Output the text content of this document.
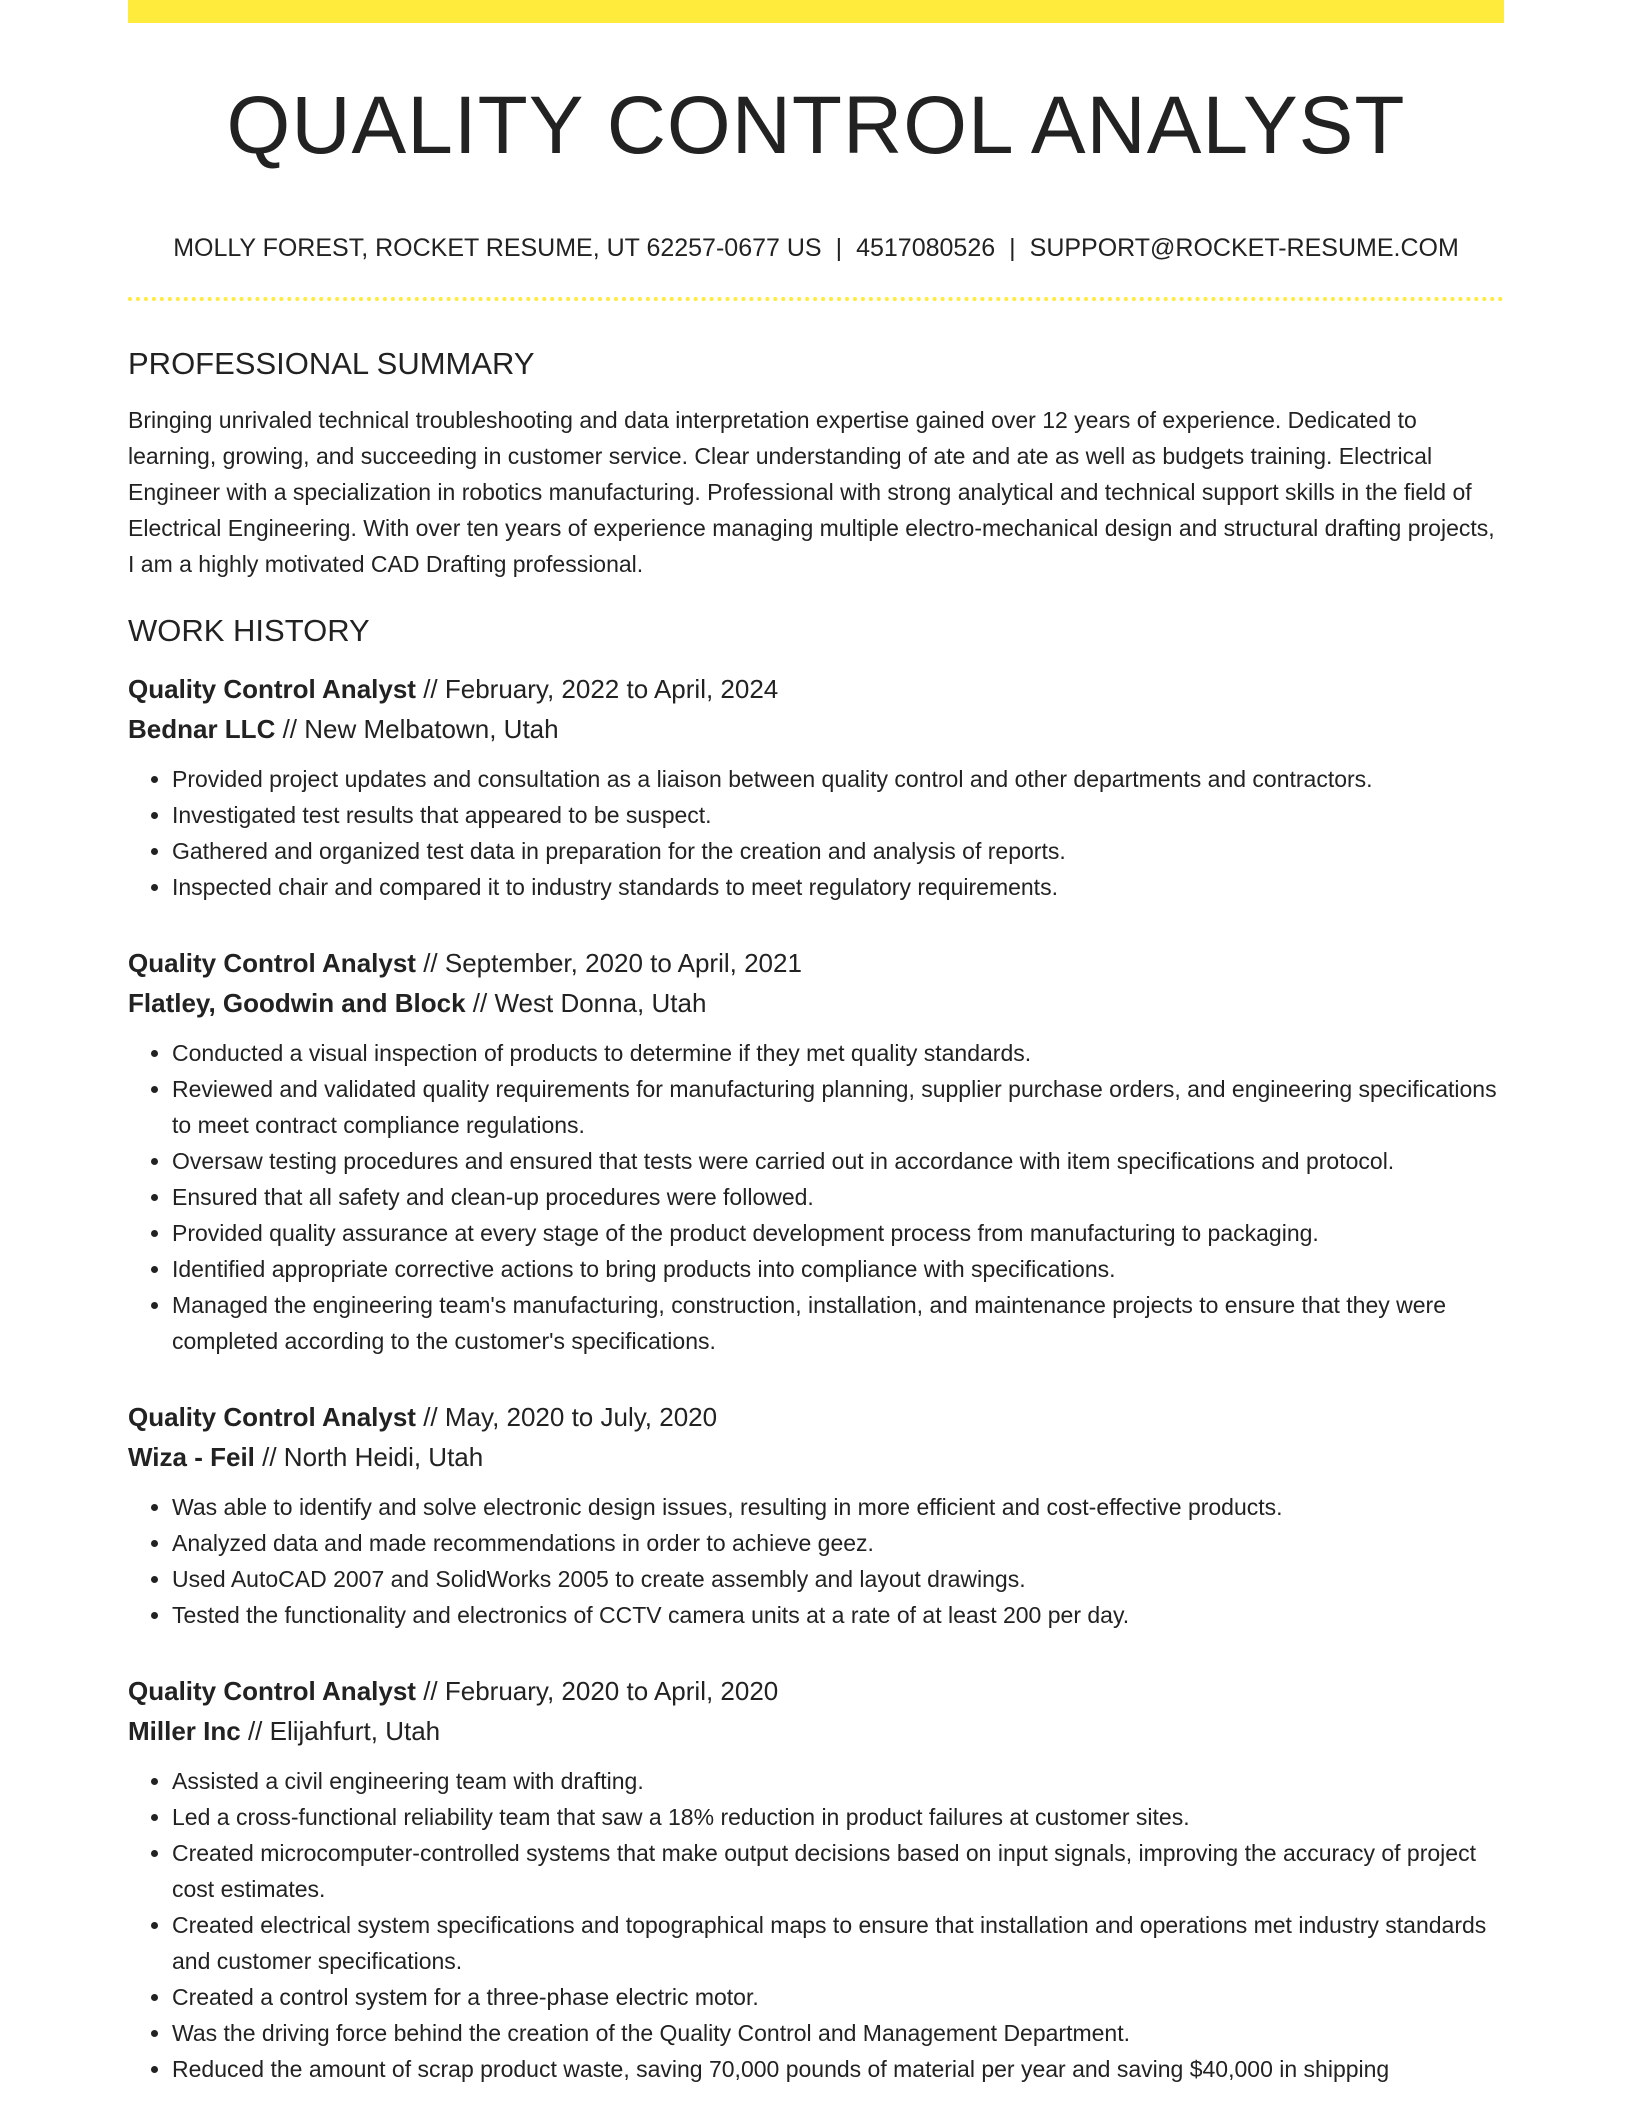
QUALITY CONTROL ANALYST
MOLLY FOREST, ROCKET RESUME, UT 62257-0677 US | 4517080526 | SUPPORT@ROCKET-RESUME.COM
PROFESSIONAL SUMMARY

Bringing unrivaled technical troubleshooting and data interpretation expertise gained over 12 years of experience. Dedicated to learning, growing, and succeeding in customer service. Clear understanding of ate and ate as well as budgets training. Electrical Engineer with a specialization in robotics manufacturing. Professional with strong analytical and technical support skills in the field of Electrical Engineering. With over ten years of experience managing multiple electro-mechanical design and structural drafting projects, I am a highly motivated CAD Drafting professional.

WORK HISTORY
Quality Control Analyst // February, 2022 to April, 2024
Bednar LLC // New Melbatown, Utah
• Provided project updates and consultation as a liaison between quality control and other departments and contractors.
• Investigated test results that appeared to be suspect.
• Gathered and organized test data in preparation for the creation and analysis of reports.
• Inspected chair and compared it to industry standards to meet regulatory requirements.
Quality Control Analyst // September, 2020 to April, 2021
Flatley, Goodwin and Block // West Donna, Utah
• Conducted a visual inspection of products to determine if they met quality standards.
• Reviewed and validated quality requirements for manufacturing planning, supplier purchase orders, and engineering specifications to meet contract compliance regulations.
• Oversaw testing procedures and ensured that tests were carried out in accordance with item specifications and protocol.
• Ensured that all safety and clean-up procedures were followed.
• Provided quality assurance at every stage of the product development process from manufacturing to packaging.
• Identified appropriate corrective actions to bring products into compliance with specifications.
• Managed the engineering team's manufacturing, construction, installation, and maintenance projects to ensure that they were completed according to the customer's specifications.
Quality Control Analyst // May, 2020 to July, 2020
Wiza - Feil // North Heidi, Utah
• Was able to identify and solve electronic design issues, resulting in more efficient and cost-effective products.
• Analyzed data and made recommendations in order to achieve geez.
• Used AutoCAD 2007 and SolidWorks 2005 to create assembly and layout drawings.
• Tested the functionality and electronics of CCTV camera units at a rate of at least 200 per day.
Quality Control Analyst // February, 2020 to April, 2020
Miller Inc // Elijahfurt, Utah
• Assisted a civil engineering team with drafting.
• Led a cross-functional reliability team that saw a 18% reduction in product failures at customer sites.
• Created microcomputer-controlled systems that make output decisions based on input signals, improving the accuracy of project cost estimates.
• Created electrical system specifications and topographical maps to ensure that installation and operations met industry standards and customer specifications.
• Created a control system for a three-phase electric motor.
• Was the driving force behind the creation of the Quality Control and Management Department.
• Reduced the amount of scrap product waste, saving 70,000 pounds of material per year and saving $40,000 in shipping
